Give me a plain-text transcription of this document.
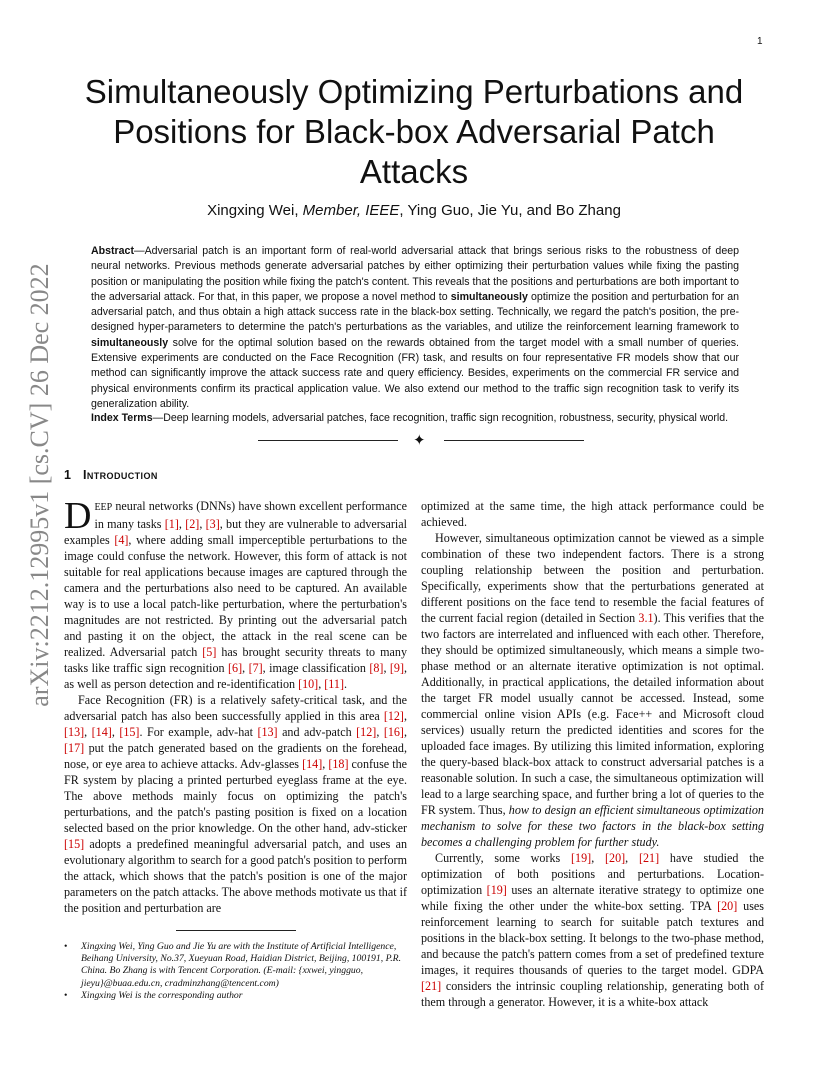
1
arXiv:2212.12995v1 [cs.CV] 26 Dec 2022
Simultaneously Optimizing Perturbations and Positions for Black-box Adversarial Patch Attacks
Xingxing Wei, Member, IEEE, Ying Guo, Jie Yu, and Bo Zhang
Abstract—Adversarial patch is an important form of real-world adversarial attack that brings serious risks to the robustness of deep neural networks. Previous methods generate adversarial patches by either optimizing their perturbation values while fixing the pasting position or manipulating the position while fixing the patch's content. This reveals that the positions and perturbations are both important to the adversarial attack. For that, in this paper, we propose a novel method to simultaneously optimize the position and perturbation for an adversarial patch, and thus obtain a high attack success rate in the black-box setting. Technically, we regard the patch's position, the pre-designed hyper-parameters to determine the patch's perturbations as the variables, and utilize the reinforcement learning framework to simultaneously solve for the optimal solution based on the rewards obtained from the target model with a small number of queries. Extensive experiments are conducted on the Face Recognition (FR) task, and results on four representative FR models show that our method can significantly improve the attack success rate and query efficiency. Besides, experiments on the commercial FR service and physical environments confirm its practical application value. We also extend our method to the traffic sign recognition task to verify its generalization ability.
Index Terms—Deep learning models, adversarial patches, face recognition, traffic sign recognition, robustness, security, physical world.
✦
1 Introduction

DEEP neural networks (DNNs) have shown excellent performance in many tasks [1], [2], [3], but they are vulnerable to adversarial examples [4], where adding small imperceptible perturbations to the image could confuse the network. However, this form of attack is not suitable for real applications because images are captured through the camera and the perturbations also need to be captured. An available way is to use a local patch-like perturbation, where the perturbation's magnitudes are not restricted. By printing out the adversarial patch and pasting it on the object, the attack in the real scene can be realized. Adversarial patch [5] has brought security threats to many tasks like traffic sign recognition [6], [7], image classification [8], [9], as well as person detection and re-identification [10], [11].

Face Recognition (FR) is a relatively safety-critical task, and the adversarial patch has also been successfully applied in this area [12], [13], [14], [15]. For example, adv-hat [13] and adv-patch [12], [16], [17] put the patch generated based on the gradients on the forehead, nose, or eye area to achieve attacks. Adv-glasses [14], [18] confuse the FR system by placing a printed perturbed eyeglass frame at the eye. The above methods mainly focus on optimizing the patch's perturbations, and the patch's pasting position is fixed on a location selected based on the prior knowledge. On the other hand, adv-sticker [15] adopts a predefined meaningful adversarial patch, and uses an evolutionary algorithm to search for a good patch's position to perform the attack, which shows that the patch's position is one of the major parameters on the patch attacks. The above methods motivate us that if the position and perturbation are

• Xingxing Wei, Ying Guo and Jie Yu are with the Institute of Artificial Intelligence, Beihang University, No.37, Xueyuan Road, Haidian District, Beijing, 100191, P.R. China. Bo Zhang is with Tencent Corporation. (E-mail: {xxwei, yingguo, jieyu}@buaa.edu.cn, cradminzhang@tencent.com)
• Xingxing Wei is the corresponding author

optimized at the same time, the high attack performance could be achieved.

However, simultaneous optimization cannot be viewed as a simple combination of these two independent factors. There is a strong coupling relationship between the position and perturbation. Specifically, experiments show that the perturbations generated at different positions on the face tend to resemble the facial features of the current facial region (detailed in Section 3.1). This verifies that the two factors are interrelated and influenced with each other. Therefore, they should be optimized simultaneously, which means a simple two-phase method or an alternate iterative optimization is not optimal. Additionally, in practical applications, the detailed information about the target FR model usually cannot be accessed. Instead, some commercial online vision APIs (e.g. Face++ and Microsoft cloud services) usually return the predicted identities and scores for the uploaded face images. By utilizing this limited information, exploring the query-based black-box attack to construct adversarial patches is a reasonable solution. In such a case, the simultaneous optimization will lead to a large searching space, and further bring a lot of queries to the FR system. Thus, how to design an efficient simultaneous optimization mechanism to solve for these two factors in the black-box setting becomes a challenging problem for further study.

Currently, some works [19], [20], [21] have studied the optimization of both positions and perturbations. Location-optimization [19] uses an alternate iterative strategy to optimize one while fixing the other under the white-box setting. TPA [20] uses reinforcement learning to search for suitable patch textures and positions in the black-box setting. It belongs to the two-phase method, and because the patch's pattern comes from a set of predefined texture images, it requires thousands of queries to the target model. GDPA [21] considers the intrinsic coupling relationship, generating both of them through a generator. However, it is a white-box attack
